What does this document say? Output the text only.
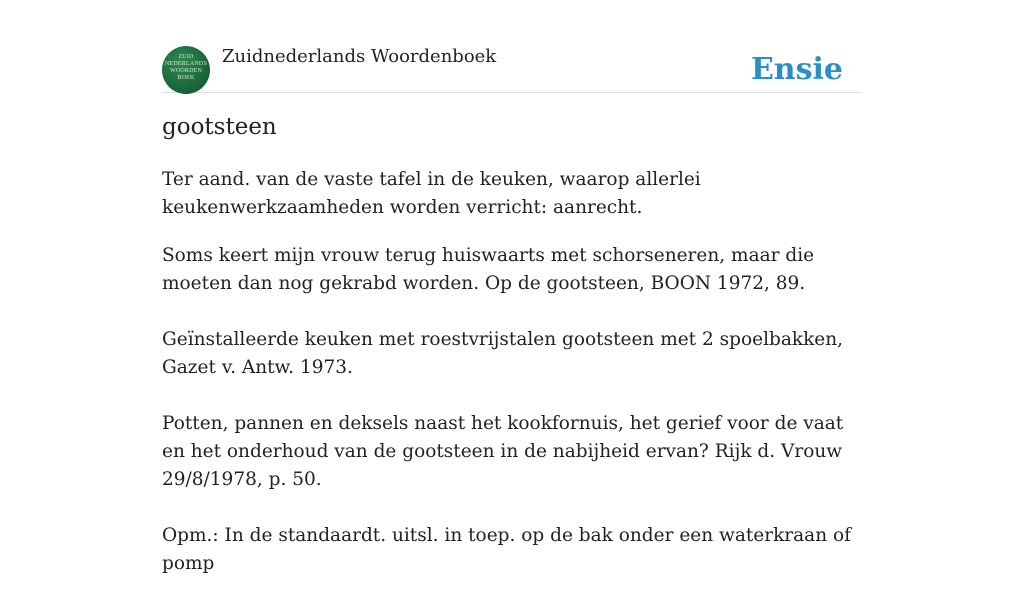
ZUID NEDERLANDS WOORDEN BOEK
Zuidnederlands Woordenboek	Ensie
gootsteen

Ter aand. van de vaste tafel in de keuken, waarop allerlei keukenwerkzaamheden worden verricht: aanrecht.

Soms keert mijn vrouw terug huiswaarts met schorseneren, maar die moeten dan nog gekrabd worden. Op de gootsteen, BOON 1972, 89.

Geïnstalleerde keuken met roestvrijstalen gootsteen met 2 spoelbakken, Gazet v. Antw. 1973.

Potten, pannen en deksels naast het kookfornuis, het gerief voor de vaat en het onderhoud van de gootsteen in de nabijheid ervan? Rijk d. Vrouw 29/8/1978, p. 50.

Opm.: In de standaardt. uitsl. in toep. op de bak onder een waterkraan of pomp
